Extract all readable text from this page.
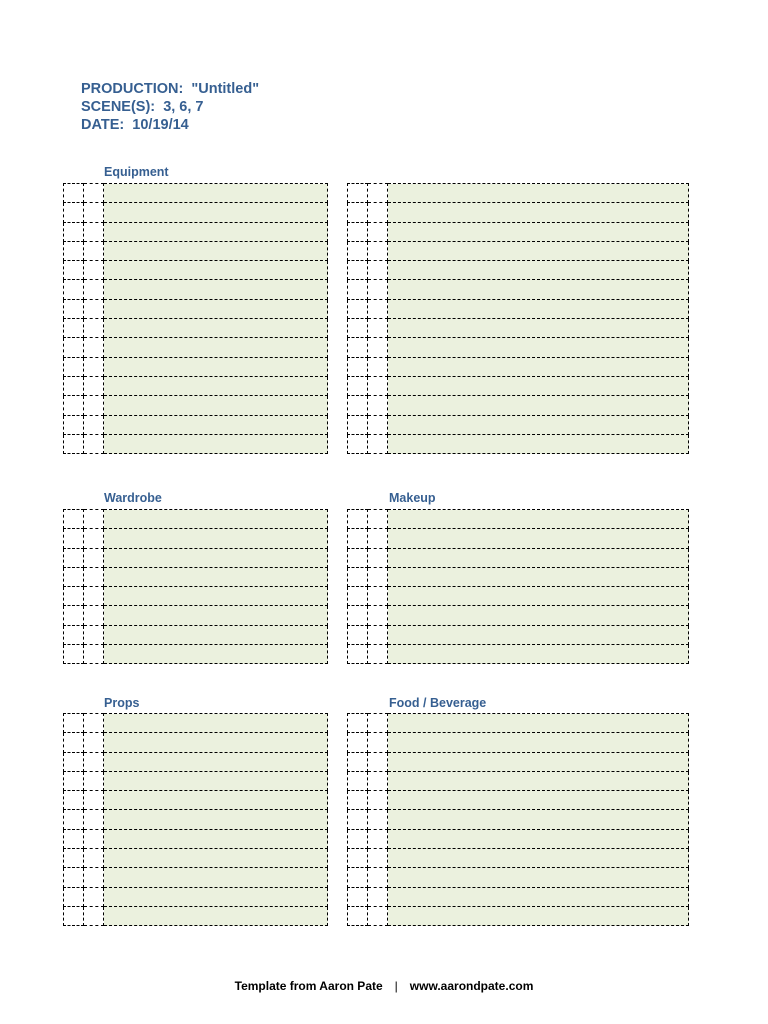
PRODUCTION: "Untitled"
SCENE(S): 3, 6, 7
DATE: 10/19/14
Equipment

Wardrobe

			Makeup

Props

			Food / Beverage

Template from Aaron Pate | www.aarondpate.com
